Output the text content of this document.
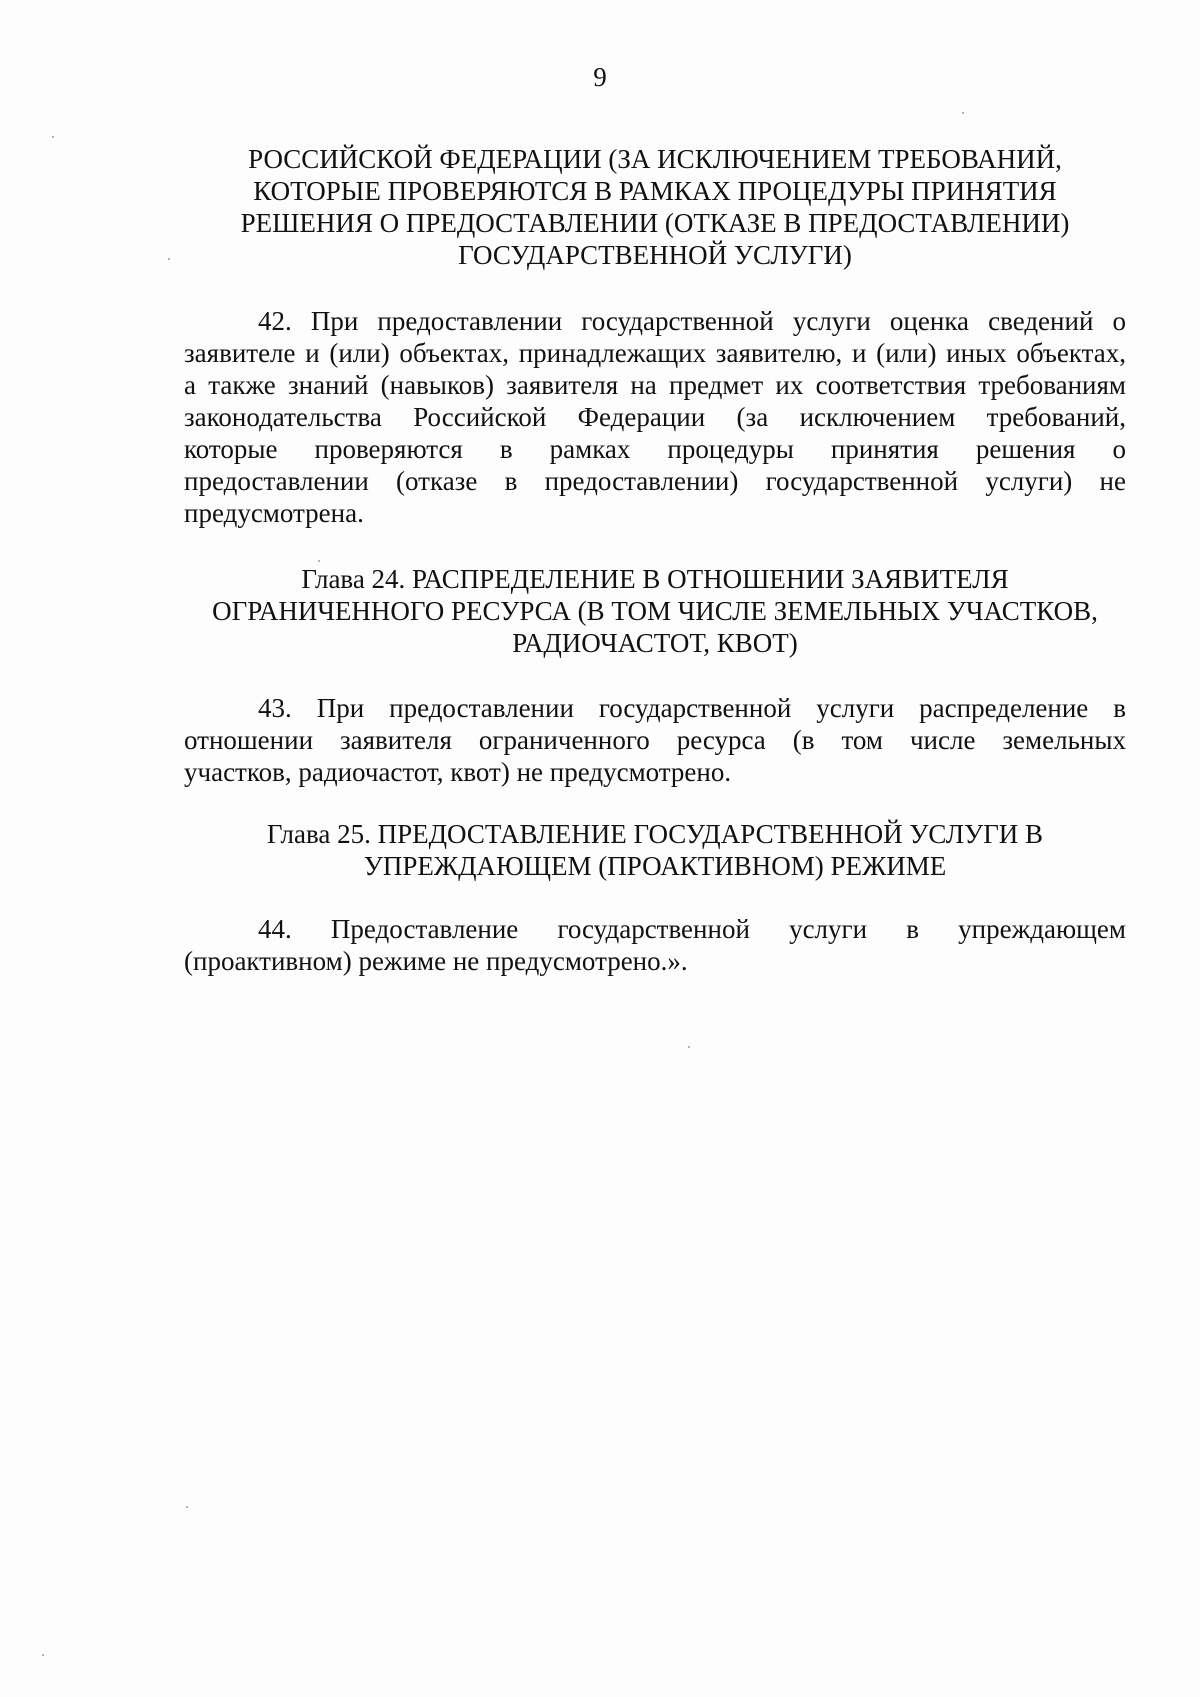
9
РОССИЙСКОЙ ФЕДЕРАЦИИ (ЗА ИСКЛЮЧЕНИЕМ ТРЕБОВАНИЙ,
КОТОРЫЕ ПРОВЕРЯЮТСЯ В РАМКАХ ПРОЦЕДУРЫ ПРИНЯТИЯ
РЕШЕНИЯ О ПРЕДОСТАВЛЕНИИ (ОТКАЗЕ В ПРЕДОСТАВЛЕНИИ)
ГОСУДАРСТВЕННОЙ УСЛУГИ)

42. При предоставлении государственной услуги оценка сведений о
заявителе и (или) объектах, принадлежащих заявителю, и (или) иных объектах,
а также знаний (навыков) заявителя на предмет их соответствия требованиям
законодательства Российской Федерации (за исключением требований,
которые проверяются в рамках процедуры принятия решения о
предоставлении (отказе в предоставлении) государственной услуги) не
предусмотрена.

Глава 24. РАСПРЕДЕЛЕНИЕ В ОТНОШЕНИИ ЗАЯВИТЕЛЯ
ОГРАНИЧЕННОГО РЕСУРСА (В ТОМ ЧИСЛЕ ЗЕМЕЛЬНЫХ УЧАСТКОВ,
РАДИОЧАСТОТ, КВОТ)

43. При предоставлении государственной услуги распределение в
отношении заявителя ограниченного ресурса (в том числе земельных
участков, радиочастот, квот) не предусмотрено.

Глава 25. ПРЕДОСТАВЛЕНИЕ ГОСУДАРСТВЕННОЙ УСЛУГИ В
УПРЕЖДАЮЩЕМ (ПРОАКТИВНОМ) РЕЖИМЕ

44. Предоставление государственной услуги в упреждающем
(проактивном) режиме не предусмотрено.».
